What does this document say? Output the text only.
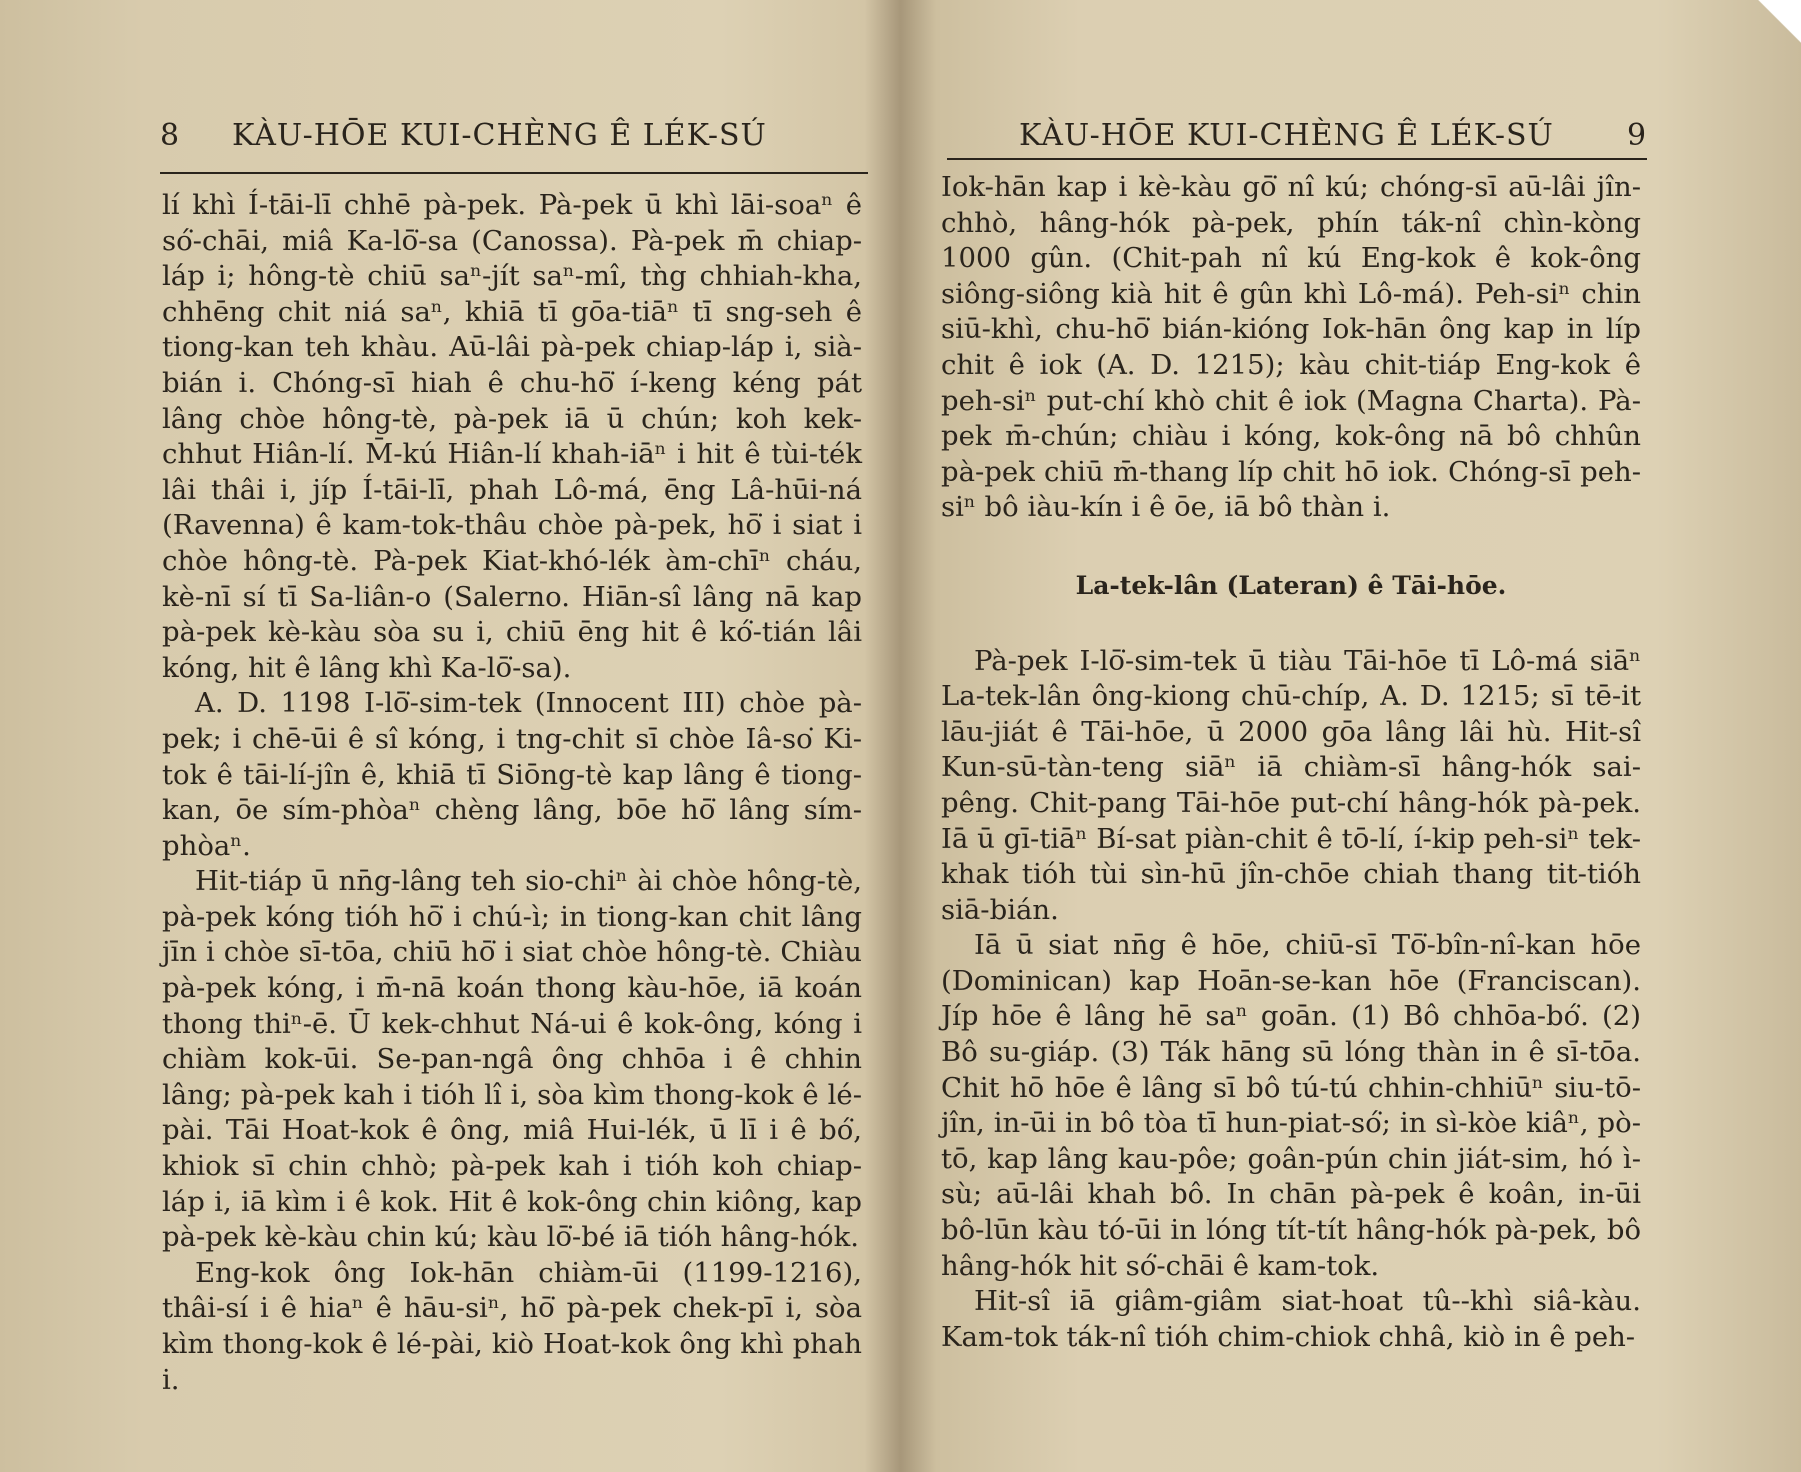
8 KÀU-HŌE KUI-CHÈNG Ê LÉK-SÚ

lí khì Í-tāi-lī chhē pà-pek. Pà-pek ū khì lāi-soaⁿ ê só͘-chāi, miâ Ka-lō͘-sa (Canossa). Pà-pek m̄ chiap-láp i; hông-tè chiū saⁿ-jít saⁿ-mî, tǹg chhiah-kha, chhēng chit niá saⁿ, khiā tī gōa-tiāⁿ tī sng-seh ê tiong-kan teh khàu. Aū-lâi pà-pek chiap-láp i, sià-bián i. Chóng-sī hiah ê chu-hō͘ í-keng kéng pát lâng chòe hông-tè, pà-pek iā ū chún; koh kek-chhut Hiân-lí. M̄-kú Hiân-lí khah-iāⁿ i hit ê tùi-ték lâi thâi i, jíp Í-tāi-lī, phah Lô-má, ēng Lâ-hūi-ná (Ravenna) ê kam-tok-thâu chòe pà-pek, hō͘ i siat i chòe hông-tè. Pà-pek Kiat-khó-lék àm-chīⁿ cháu, kè-nī sí tī Sa-liân-o (Salerno. Hiān-sî lâng nā kap pà-pek kè-kàu sòa su i, chiū ēng hit ê kó͘-tián lâi kóng, hit ê lâng khì Ka-lō͘-sa).

A. D. 1198 I-lō͘-sim-tek (Innocent III) chòe pà-pek; i chē-ūi ê sî kóng, i tng-chit sī chòe Iâ-so͘ Ki-tok ê tāi-lí-jîn ê, khiā tī Siōng-tè kap lâng ê tiong-kan, ōe sím-phòaⁿ chèng lâng, bōe hō͘ lâng sím-phòaⁿ.

Hit-tiáp ū nn̄g-lâng teh sio-chiⁿ ài chòe hông-tè, pà-pek kóng tióh hō͘ i chú-ì; in tiong-kan chit lâng jīn i chòe sī-tōa, chiū hō͘ i siat chòe hông-tè. Chiàu pà-pek kóng, i m̄-nā koán thong kàu-hōe, iā koán thong thiⁿ-ē. Ū kek-chhut Ná-ui ê kok-ông, kóng i chiàm kok-ūi. Se-pan-ngâ ông chhōa i ê chhin lâng; pà-pek kah i tióh lî i, sòa kìm thong-kok ê lé-pài. Tāi Hoat-kok ê ông, miâ Hui-lék, ū lī i ê bó͘, khiok sī chin chhò; pà-pek kah i tióh koh chiap-láp i, iā kìm i ê kok. Hit ê kok-ông chin kiông, kap pà-pek kè-kàu chin kú; kàu lō͘-bé iā tióh hâng-hók.

Eng-kok ông Iok-hān chiàm-ūi (1199-1216), thâi-sí i ê hiaⁿ ê hāu-siⁿ, hō͘ pà-pek chek-pī i, sòa kìm thong-kok ê lé-pài, kiò Hoat-kok ông khì phah i.

KÀU-HŌE KUI-CHÈNG Ê LÉK-SÚ 9

Iok-hān kap i kè-kàu gō͘ nî kú; chóng-sī aū-lâi jîn-chhò, hâng-hók pà-pek, phín ták-nî chìn-kòng 1000 gûn. (Chit-pah nî kú Eng-kok ê kok-ông siông-siông kià hit ê gûn khì Lô-má). Peh-siⁿ chin siū-khì, chu-hō͘ bián-kióng Iok-hān ông kap in líp chit ê iok (A. D. 1215); kàu chit-tiáp Eng-kok ê peh-siⁿ put-chí khò chit ê iok (Magna Charta). Pà-pek m̄-chún; chiàu i kóng, kok-ông nā bô chhûn pà-pek chiū m̄-thang líp chit hō iok. Chóng-sī peh-siⁿ bô iàu-kín i ê ōe, iā bô thàn i.

La-tek-lân (Lateran) ê Tāi-hōe.

Pà-pek I-lō͘-sim-tek ū tiàu Tāi-hōe tī Lô-má siāⁿ La-tek-lân ông-kiong chū-chíp, A. D. 1215; sī tē-it lāu-jiát ê Tāi-hōe, ū 2000 gōa lâng lâi hù. Hit-sî Kun-sū-tàn-teng siāⁿ iā chiàm-sī hâng-hók sai-pêng. Chit-pang Tāi-hōe put-chí hâng-hók pà-pek. Iā ū gī-tiāⁿ Bí-sat piàn-chit ê tō-lí, í-kip peh-siⁿ tek-khak tióh tùi sìn-hū jîn-chōe chiah thang tit-tióh siā-bián.

Iā ū siat nn̄g ê hōe, chiū-sī Tō͘-bîn-nî-kan hōe (Dominican) kap Hoān-se-kan hōe (Franciscan). Jíp hōe ê lâng hē saⁿ goān. (1) Bô chhōa-bó͘. (2) Bô su-giáp. (3) Ták hāng sū lóng thàn in ê sī-tōa. Chit hō hōe ê lâng sī bô tú-tú chhin-chhiūⁿ siu-tō-jîn, in-ūi in bô tòa tī hun-piat-só͘; in sì-kòe kiâⁿ, pò-tō, kap lâng kau-pôe; goân-pún chin jiát-sim, hó ì-sù; aū-lâi khah bô. In chān pà-pek ê koân, in-ūi bô-lūn kàu tó-ūi in lóng tít-tít hâng-hók pà-pek, bô hâng-hók hit só͘-chāi ê kam-tok.

Hit-sî iā giâm-giâm siat-hoat tû--khì siâ-kàu. Kam-tok ták-nî tióh chim-chiok chhâ, kiò in ê peh-
